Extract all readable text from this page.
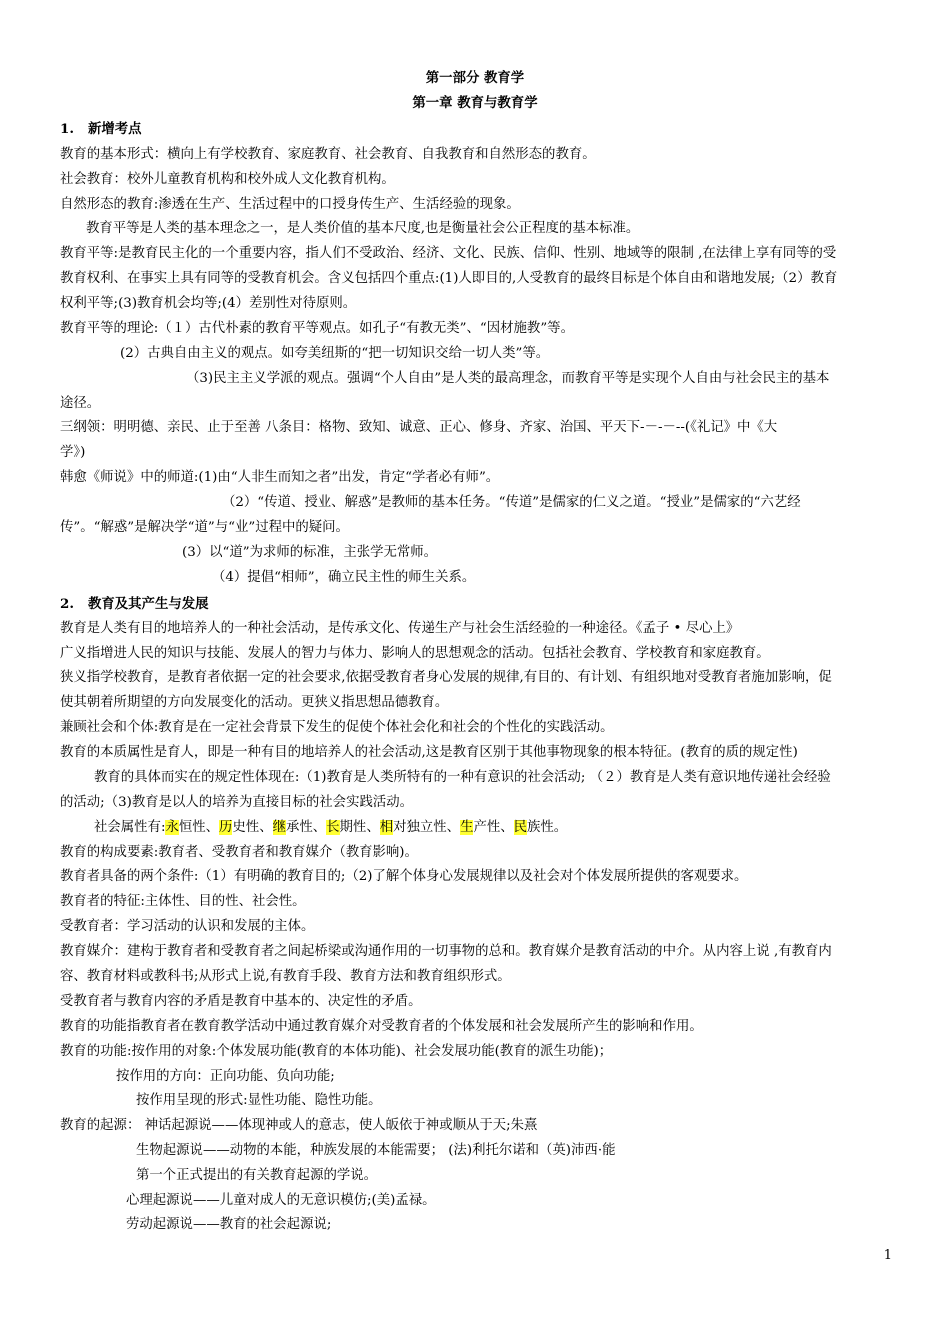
第一部分 教育学
第一章 教育与教育学
1. 新增考点
教育的基本形式：横向上有学校教育、家庭教育、社会教育、自我教育和自然形态的教育。
社会教育：校外儿童教育机构和校外成人文化教育机构。
自然形态的教育:渗透在生产、生活过程中的口授身传生产、生活经验的现象。
教育平等是人类的基本理念之一，是人类价值的基本尺度,也是衡量社会公正程度的基本标准。
教育平等:是教育民主化的一个重要内容，指人们不受政治、经济、文化、民族、信仰、性别、地域等的限制 ,在法律上享有同等的受
教育权利、在事实上具有同等的受教育机会。含义包括四个重点:(1)人即目的,人受教育的最终目标是个体自由和谐地发展;（2）教育
权利平等;(3)教育机会均等;(4）差别性对待原则。
教育平等的理论:（１）古代朴素的教育平等观点。如孔子“有教无类”、“因材施教”等。
(2）古典自由主义的观点。如夸美纽斯的“把一切知识交给一切人类”等。
（3)民主主义学派的观点。强调“个人自由”是人类的最高理念，而教育平等是实现个人自由与社会民主的基本
途径。
三纲领：明明德、亲民、止于至善 八条目：格物、致知、诚意、正心、修身、齐家、治国、平天下-－-－--(《礼记》中《大
学》)
韩愈《师说》中的师道:(1)由“人非生而知之者”出发，肯定“学者必有师”。
（2）“传道、授业、解惑”是教师的基本任务。“传道”是儒家的仁义之道。“授业”是儒家的“六艺经
传”。“解惑”是解决学“道”与“业”过程中的疑问。
(3）以“道”为求师的标准，主张学无常师。
（4）提倡“相师”，确立民主性的师生关系。
2. 教育及其产生与发展
教育是人类有目的地培养人的一种社会活动，是传承文化、传递生产与社会生活经验的一种途径。《孟子 • 尽心上》
广义指增进人民的知识与技能、发展人的智力与体力、影响人的思想观念的活动。包括社会教育、学校教育和家庭教育。
狭义指学校教育，是教育者依据一定的社会要求,依据受教育者身心发展的规律,有目的、有计划、有组织地对受教育者施加影响，促
使其朝着所期望的方向发展变化的活动。更狭义指思想品德教育。
兼顾社会和个体:教育是在一定社会背景下发生的促使个体社会化和社会的个性化的实践活动。
教育的本质属性是育人，即是一种有目的地培养人的社会活动,这是教育区别于其他事物现象的根本特征。(教育的质的规定性)
教育的具体而实在的规定性体现在:（1)教育是人类所特有的一种有意识的社会活动; （２）教育是人类有意识地传递社会经验
的活动;（3)教育是以人的培养为直接目标的社会实践活动。
社会属性有:永恒性、历史性、继承性、长期性、相对独立性、生产性、民族性。
教育的构成要素:教育者、受教育者和教育媒介（教育影响)。
教育者具备的两个条件:（1）有明确的教育目的;（2)了解个体身心发展规律以及社会对个体发展所提供的客观要求。
教育者的特征:主体性、目的性、社会性。
受教育者：学习活动的认识和发展的主体。
教育媒介：建构于教育者和受教育者之间起桥梁或沟通作用的一切事物的总和。教育媒介是教育活动的中介。从内容上说 ,有教育内
容、教育材料或教科书;从形式上说,有教育手段、教育方法和教育组织形式。
受教育者与教育内容的矛盾是教育中基本的、决定性的矛盾。
教育的功能指教育者在教育教学活动中通过教育媒介对受教育者的个体发展和社会发展所产生的影响和作用。
教育的功能:按作用的对象:个体发展功能(教育的本体功能)、社会发展功能(教育的派生功能)；
按作用的方向：正向功能、负向功能;
按作用呈现的形式:显性功能、隐性功能。
教育的起源： 神话起源说——体现神或人的意志，使人皈依于神或顺从于天;朱熹
生物起源说——动物的本能，种族发展的本能需要； (法)利托尔诺和（英)沛西·能
第一个正式提出的有关教育起源的学说。
心理起源说——儿童对成人的无意识模仿;(美)孟禄。
劳动起源说——教育的社会起源说;
1
